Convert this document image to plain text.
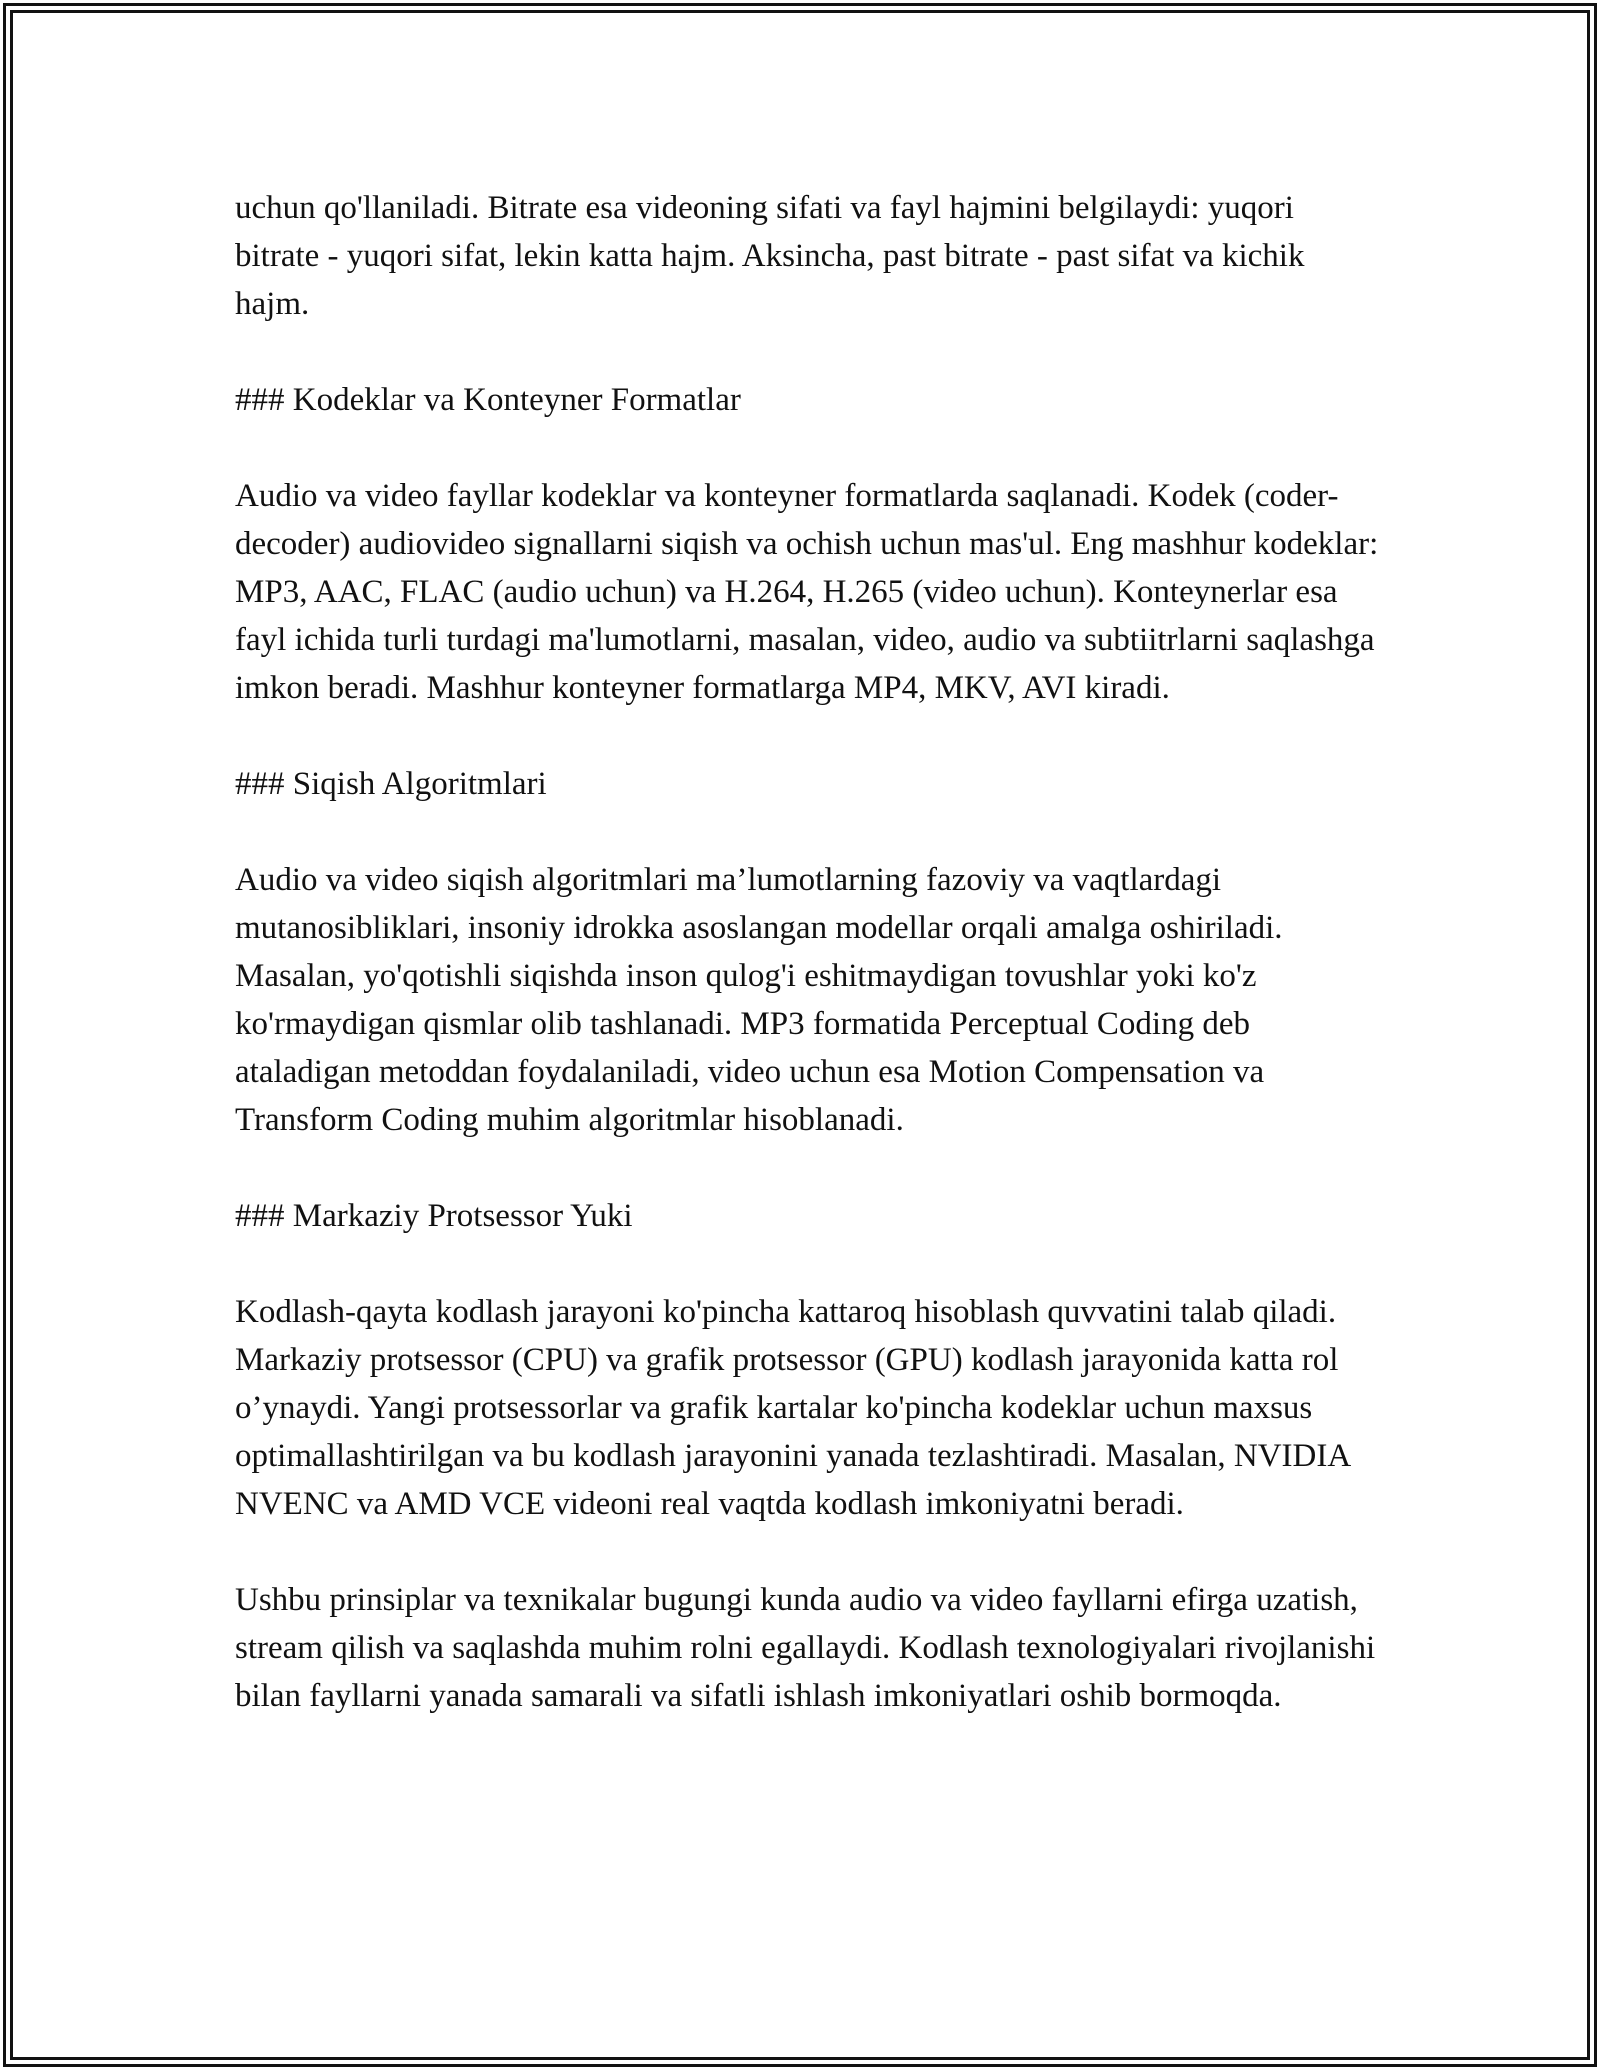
uchun qo'llaniladi. Bitrate esa videoning sifati va fayl hajmini belgilaydi: yuqori bitrate - yuqori sifat, lekin katta hajm. Aksincha, past bitrate - past sifat va kichik hajm.

### Kodeklar va Konteyner Formatlar

Audio va video fayllar kodeklar va konteyner formatlarda saqlanadi. Kodek (coder-decoder) audiovideo signallarni siqish va ochish uchun mas'ul. Eng mashhur kodeklar: MP3, AAC, FLAC (audio uchun) va H.264, H.265 (video uchun). Konteynerlar esa fayl ichida turli turdagi ma'lumotlarni, masalan, video, audio va subtiitrlarni saqlashga imkon beradi. Mashhur konteyner formatlarga MP4, MKV, AVI kiradi.

### Siqish Algoritmlari

Audio va video siqish algoritmlari ma’lumotlarning fazoviy va vaqtlardagi mutanosibliklari, insoniy idrokka asoslangan modellar orqali amalga oshiriladi. Masalan, yo'qotishli siqishda inson qulog'i eshitmaydigan tovushlar yoki ko'z ko'rmaydigan qismlar olib tashlanadi. MP3 formatida Perceptual Coding deb ataladigan metoddan foydalaniladi, video uchun esa Motion Compensation va Transform Coding muhim algoritmlar hisoblanadi.

### Markaziy Protsessor Yuki

Kodlash-qayta kodlash jarayoni ko'pincha kattaroq hisoblash quvvatini talab qiladi. Markaziy protsessor (CPU) va grafik protsessor (GPU) kodlash jarayonida katta rol o’ynaydi. Yangi protsessorlar va grafik kartalar ko'pincha kodeklar uchun maxsus optimallashtirilgan va bu kodlash jarayonini yanada tezlashtiradi. Masalan, NVIDIA NVENC va AMD VCE videoni real vaqtda kodlash imkoniyatni beradi.

Ushbu prinsiplar va texnikalar bugungi kunda audio va video fayllarni efirga uzatish, stream qilish va saqlashda muhim rolni egallaydi. Kodlash texnologiyalari rivojlanishi bilan fayllarni yanada samarali va sifatli ishlash imkoniyatlari oshib bormoqda.
